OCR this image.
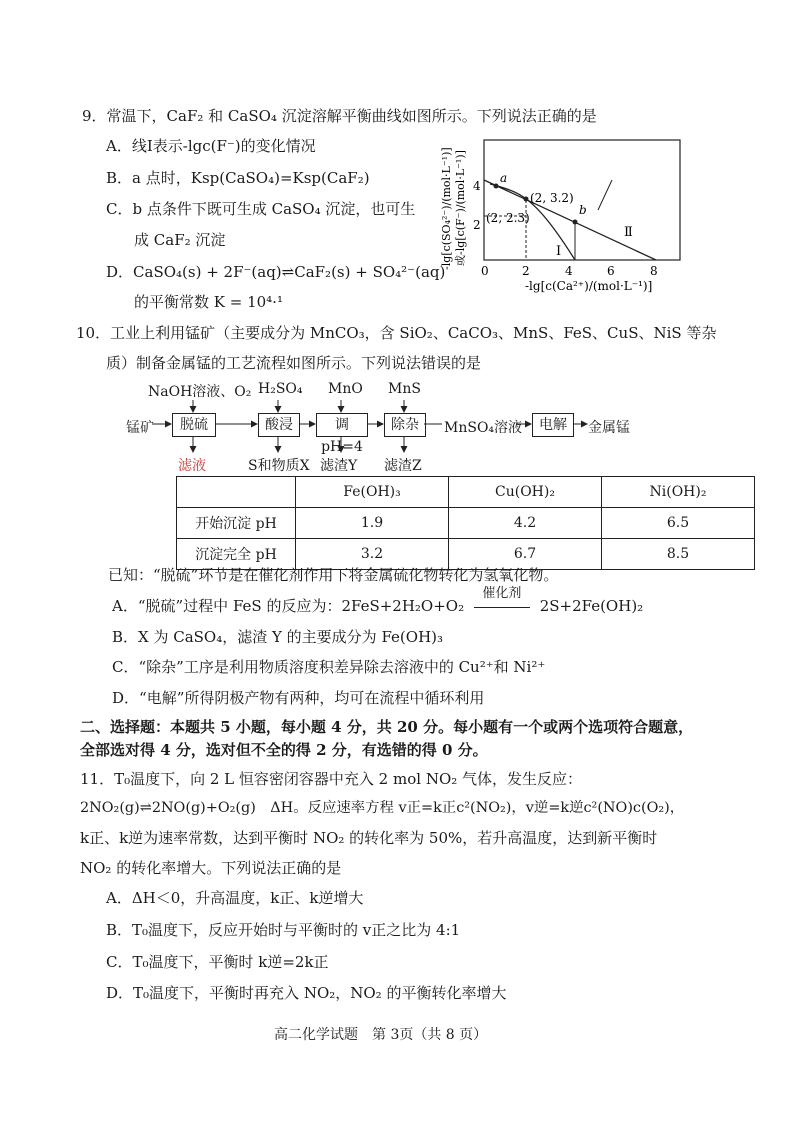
9．常温下，CaF₂ 和 CaSO₄ 沉淀溶解平衡曲线如图所示。下列说法正确的是
A．线Ⅰ表示-lgc(F⁻)的变化情况
B．a 点时，Ksp(CaSO₄)=Ksp(CaF₂)
C．b 点条件下既可生成 CaSO₄ 沉淀，也可生
成 CaF₂ 沉淀
D．CaSO₄(s) + 2F⁻(aq)⇌CaF₂(s) + SO₄²⁻(aq)
的平衡常数 K = 10⁴·¹
-lg[c(SO₄²⁻)/(mol·L⁻¹)] 或-lg[c(F⁻)/(mol·L⁻¹)]
-lg[c(Ca²⁺)/(mol·L⁻¹)]
0	2	4	6	8
2
4
a
(2, 3.2)
b
(2, 2.3)
Ⅰ
Ⅱ
10．工业上利用锰矿（主要成分为 MnCO₃，含 SiO₂、CaCO₃、MnS、FeS、CuS、NiS 等杂
质）制备金属锰的工艺流程如图所示。下列说法错误的是
NaOH溶液、O₂ H₂SO₄ MnO MnS
锰矿	脱硫	酸浸	调pH=4
除杂	MnSO₄溶液	电解	金属锰
滤液	S和物质X 滤渣Y 滤渣Z
	Fe(OH)₃	Cu(OH)₂	Ni(OH)₂
开始沉淀 pH	1.9	4.2	6.5
沉淀完全 pH	3.2	6.7	8.5
已知：“脱硫”环节是在催化剂作用下将金属硫化物转化为氢氧化物。
A．“脱硫”过程中 FeS 的反应为：2FeS+2H₂O+O₂
催化剂
2S+2Fe(OH)₂
B．X 为 CaSO₄，滤渣 Y 的主要成分为 Fe(OH)₃
C．“除杂”工序是利用物质溶度积差异除去溶液中的 Cu²⁺和 Ni²⁺
D．“电解”所得阴极产物有两种，均可在流程中循环利用
二、选择题：本题共 5 小题，每小题 4 分，共 20 分。每小题有一个或两个选项符合题意，
全部选对得 4 分，选对但不全的得 2 分，有选错的得 0 分。
11．T₀温度下，向 2 L 恒容密闭容器中充入 2 mol NO₂ 气体，发生反应：
2NO₂(g)⇌2NO(g)+O₂(g)　ΔH。反应速率方程 v正=k正c²(NO₂)，v逆=k逆c²(NO)c(O₂)，
k正、k逆为速率常数，达到平衡时 NO₂ 的转化率为 50%，若升高温度，达到新平衡时
NO₂ 的转化率增大。下列说法正确的是
A．ΔH＜0，升高温度，k正、k逆增大
B．T₀温度下，反应开始时与平衡时的 v正之比为 4:1
C．T₀温度下，平衡时 k逆=2k正
D．T₀温度下，平衡时再充入 NO₂，NO₂ 的平衡转化率增大
高二化学试题　第 3页（共 8 页）
